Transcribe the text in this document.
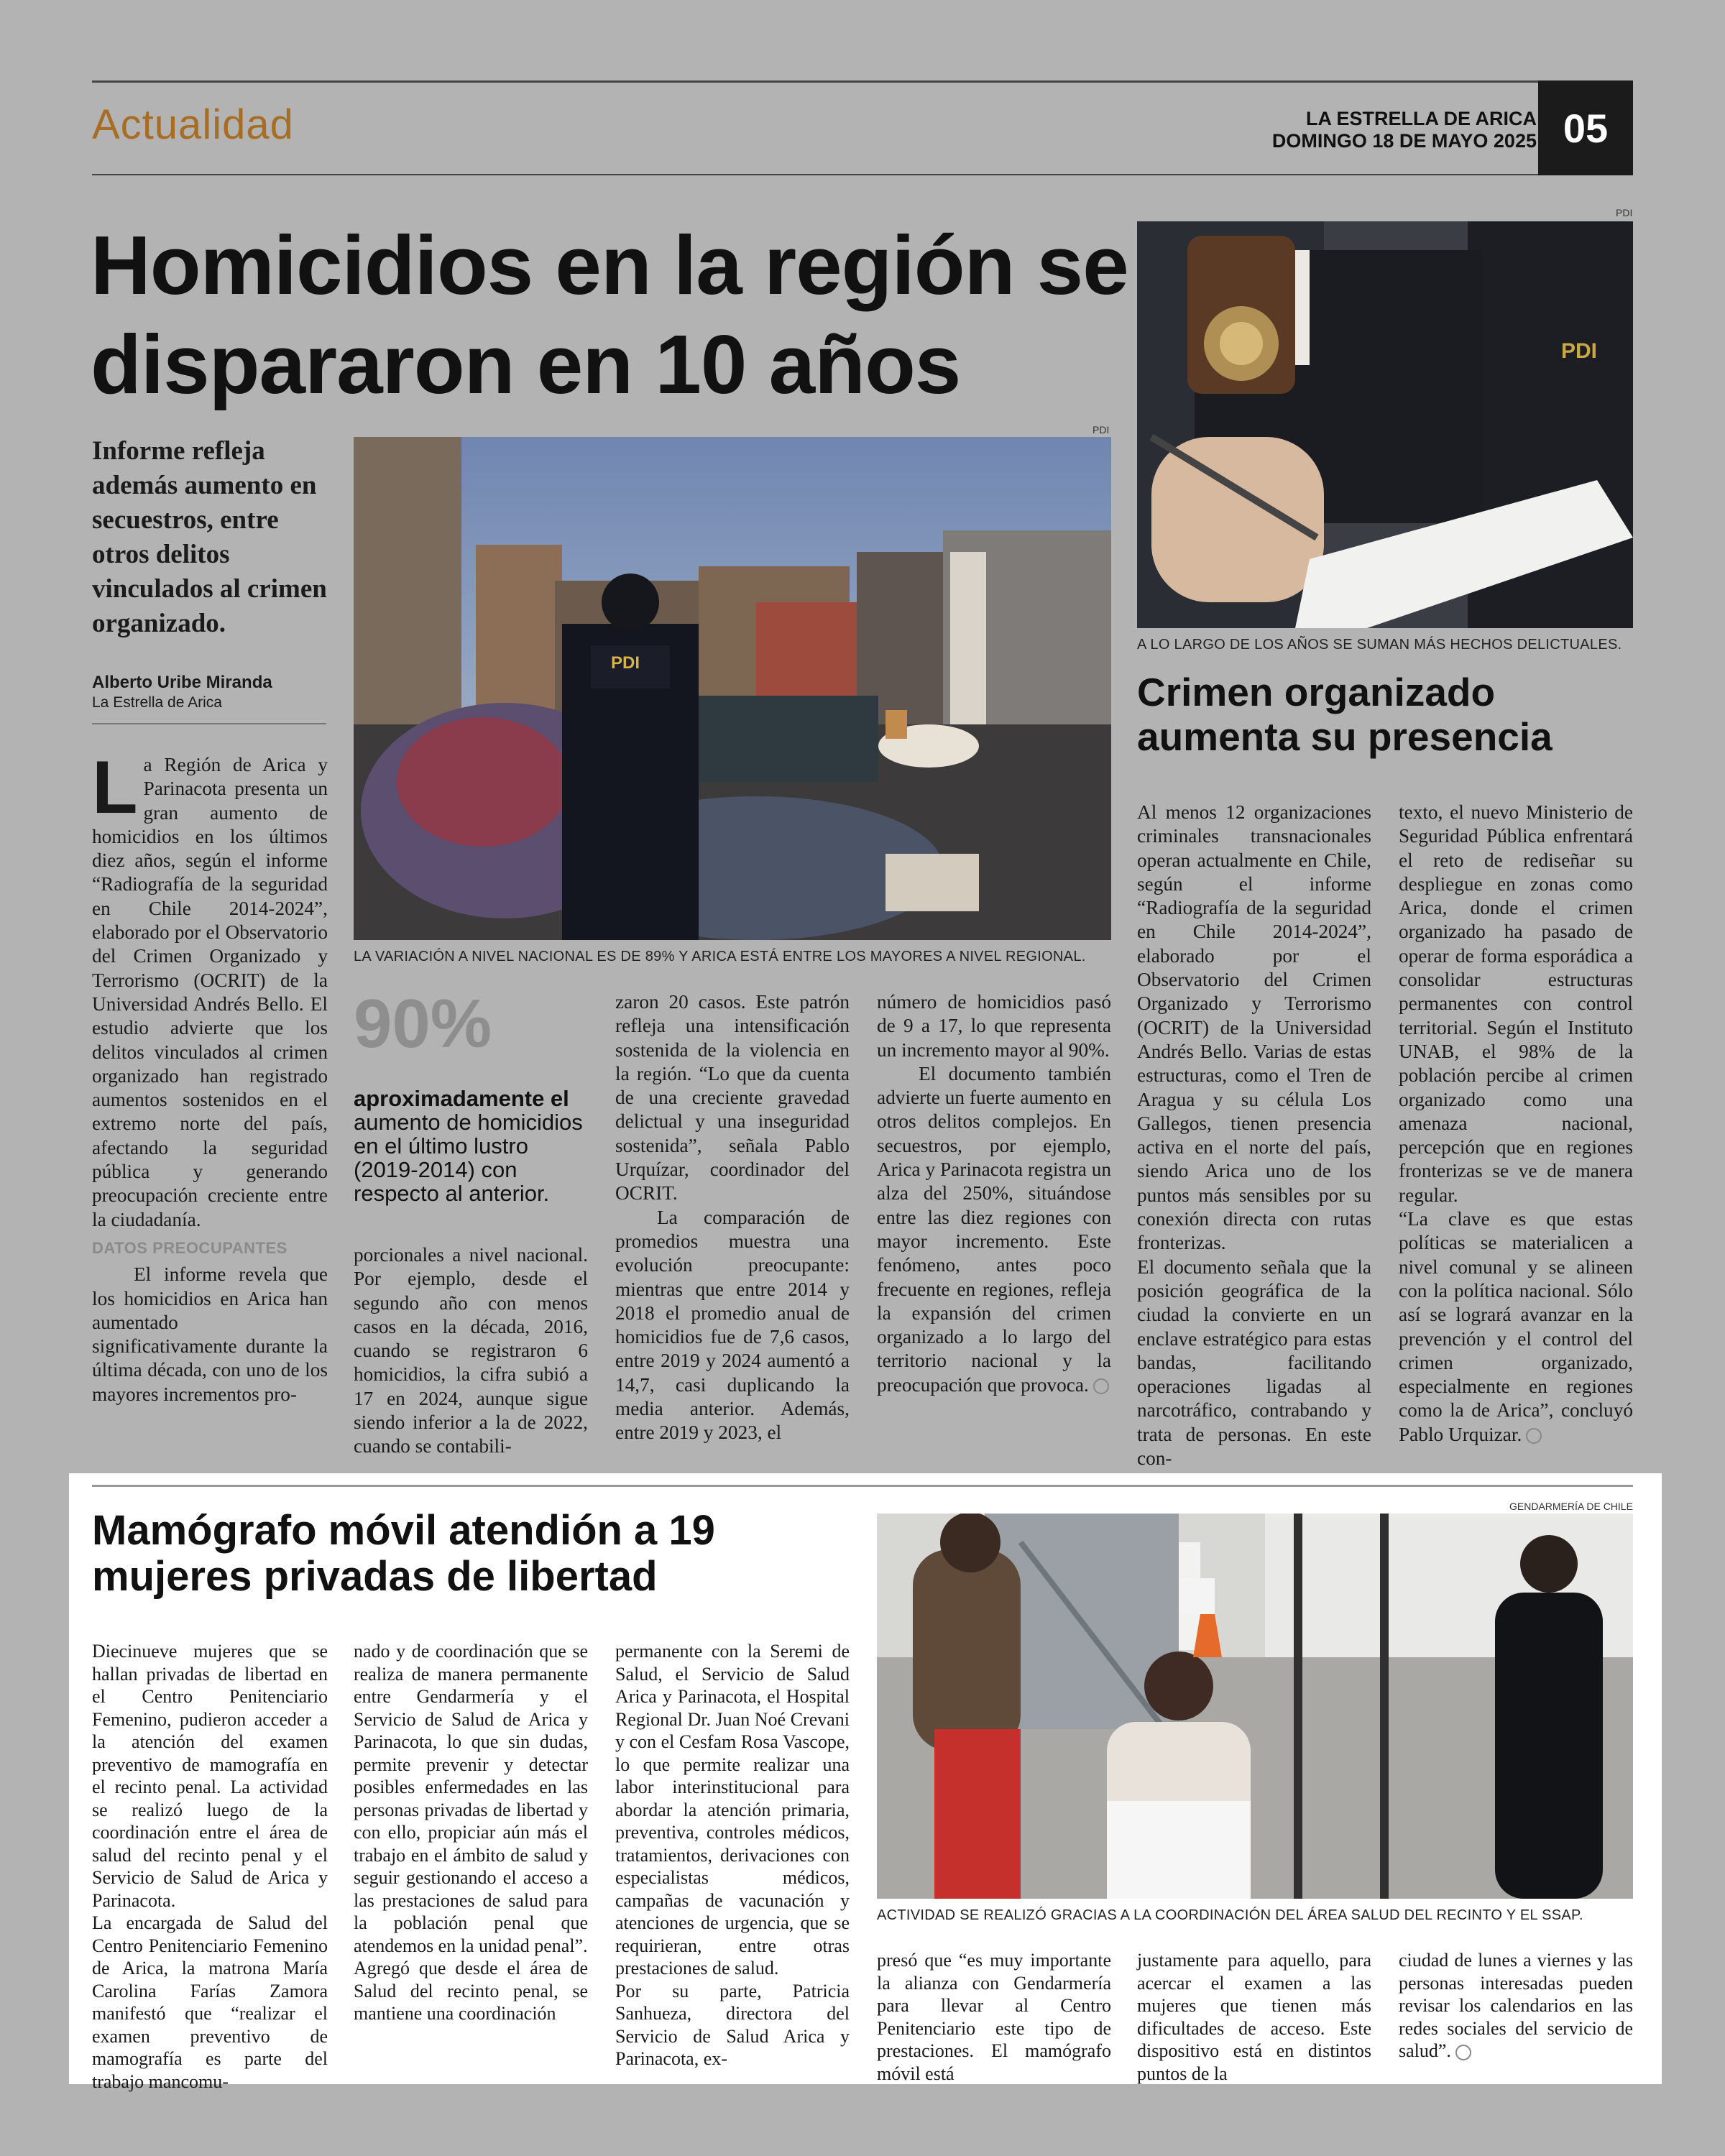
Actualidad	LA ESTRELLA DE ARICA
DOMINGO 18 DE MAYO 2025 05
Homicidios en la región se dispararon en 10 años
Informe refleja además aumento en secuestros, entre otros delitos vinculados al crimen organizado.
Alberto Uribe Miranda
La Estrella de Arica
PDI
PDI
LA VARIACIÓN A NIVEL NACIONAL ES DE 89% Y ARICA ESTÁ ENTRE LOS MAYORES A NIVEL REGIONAL.

La Región de Arica y Parinacota presenta un gran aumento de homicidios en los últimos diez años, según el informe “Radiografía de la seguridad en Chile 2014-2024”, elaborado por el Observatorio del Crimen Organizado y Terrorismo (OCRIT) de la Universidad Andrés Bello. El estudio advierte que los delitos vinculados al crimen organizado han registrado aumentos sostenidos en el extremo norte del país, afectando la seguridad pública y generando preocupación creciente entre la ciudadanía.

DATOS PREOCUPANTES

El informe revela que los homicidios en Arica han aumentado significativamente durante la última década, con uno de los mayores incrementos pro-

90%
aproximadamente el aumento de homicidios en el último lustro (2019-2014) con respecto al anterior.

porcionales a nivel nacional. Por ejemplo, desde el segundo año con menos casos en la década, 2016, cuando se registraron 6 homicidios, la cifra subió a 17 en 2024, aunque sigue siendo inferior a la de 2022, cuando se contabili-

zaron 20 casos. Este patrón refleja una intensificación sostenida de la violencia en la región. “Lo que da cuenta de una creciente gravedad delictual y una inseguridad sostenida”, señala Pablo Urquízar, coordinador del OCRIT.

La comparación de promedios muestra una evolución preocupante: mientras que entre 2014 y 2018 el promedio anual de homicidios fue de 7,6 casos, entre 2019 y 2024 aumentó a 14,7, casi duplicando la media anterior. Además, entre 2019 y 2023, el

número de homicidios pasó de 9 a 17, lo que representa un incremento mayor al 90%.

El documento también advierte un fuerte aumento en otros delitos complejos. En secuestros, por ejemplo, Arica y Parinacota registra un alza del 250%, situándose entre las diez regiones con mayor incremento. Este fenómeno, antes poco frecuente en regiones, refleja la expansión del crimen organizado a lo largo del territorio nacional y la preocupación que provoca.

PDI
PDI
A LO LARGO DE LOS AÑOS SE SUMAN MÁS HECHOS DELICTUALES.
Crimen organizado aumenta su presencia

Al menos 12 organizaciones criminales transnacionales operan actualmente en Chile, según el informe “Radiografía de la seguridad en Chile 2014-2024”, elaborado por el Observatorio del Crimen Organizado y Terrorismo (OCRIT) de la Universidad Andrés Bello. Varias de estas estructuras, como el Tren de Aragua y su célula Los Gallegos, tienen presencia activa en el norte del país, siendo Arica uno de los puntos más sensibles por su conexión directa con rutas fronterizas.

El documento señala que la posición geográfica de la ciudad la convierte en un enclave estratégico para estas bandas, facilitando operaciones ligadas al narcotráfico, contrabando y trata de personas. En este con-

texto, el nuevo Ministerio de Seguridad Pública enfrentará el reto de rediseñar su despliegue en zonas como Arica, donde el crimen organizado ha pasado de operar de forma esporádica a consolidar estructuras permanentes con control territorial. Según el Instituto UNAB, el 98% de la población percibe al crimen organizado como una amenaza nacional, percepción que en regiones fronterizas se ve de manera regular.

“La clave es que estas políticas se materialicen a nivel comunal y se alineen con la política nacional. Sólo así se logrará avanzar en la prevención y el control del crimen organizado, especialmente en regiones como la de Arica”, concluyó Pablo Urquizar.

Mamógrafo móvil atendión a 19 mujeres privadas de libertad
GENDARMERÍA DE CHILE
ACTIVIDAD SE REALIZÓ GRACIAS A LA COORDINACIÓN DEL ÁREA SALUD DEL RECINTO Y EL SSAP.

Diecinueve mujeres que se hallan privadas de libertad en el Centro Penitenciario Femenino, pudieron acceder a la atención del examen preventivo de mamografía en el recinto penal. La actividad se realizó luego de la coordinación entre el área de salud del recinto penal y el Servicio de Salud de Arica y Parinacota.

La encargada de Salud del Centro Penitenciario Femenino de Arica, la matrona María Carolina Farías Zamora manifestó que “realizar el examen preventivo de mamografía es parte del trabajo mancomu-

nado y de coordinación que se realiza de manera permanente entre Gendarmería y el Servicio de Salud de Arica y Parinacota, lo que sin dudas, permite prevenir y detectar posibles enfermedades en las personas privadas de libertad y con ello, propiciar aún más el trabajo en el ámbito de salud y seguir gestionando el acceso a las prestaciones de salud para la población penal que atendemos en la unidad penal”.

Agregó que desde el área de Salud del recinto penal, se mantiene una coordinación

permanente con la Seremi de Salud, el Servicio de Salud Arica y Parinacota, el Hospital Regional Dr. Juan Noé Crevani y con el Cesfam Rosa Vascope, lo que permite realizar una labor interinstitucional para abordar la atención primaria, preventiva, controles médicos, tratamientos, derivaciones con especialistas médicos, campañas de vacunación y atenciones de urgencia, que se requirieran, entre otras prestaciones de salud.

Por su parte, Patricia Sanhueza, directora del Servicio de Salud Arica y Parinacota, ex-

presó que “es muy importante la alianza con Gendarmería para llevar al Centro Penitenciario este tipo de prestaciones. El mamógrafo móvil está

justamente para aquello, para acercar el examen a las mujeres que tienen más dificultades de acceso. Este dispositivo está en distintos puntos de la

ciudad de lunes a viernes y las personas interesadas pueden revisar los calendarios en las redes sociales del servicio de salud”.
